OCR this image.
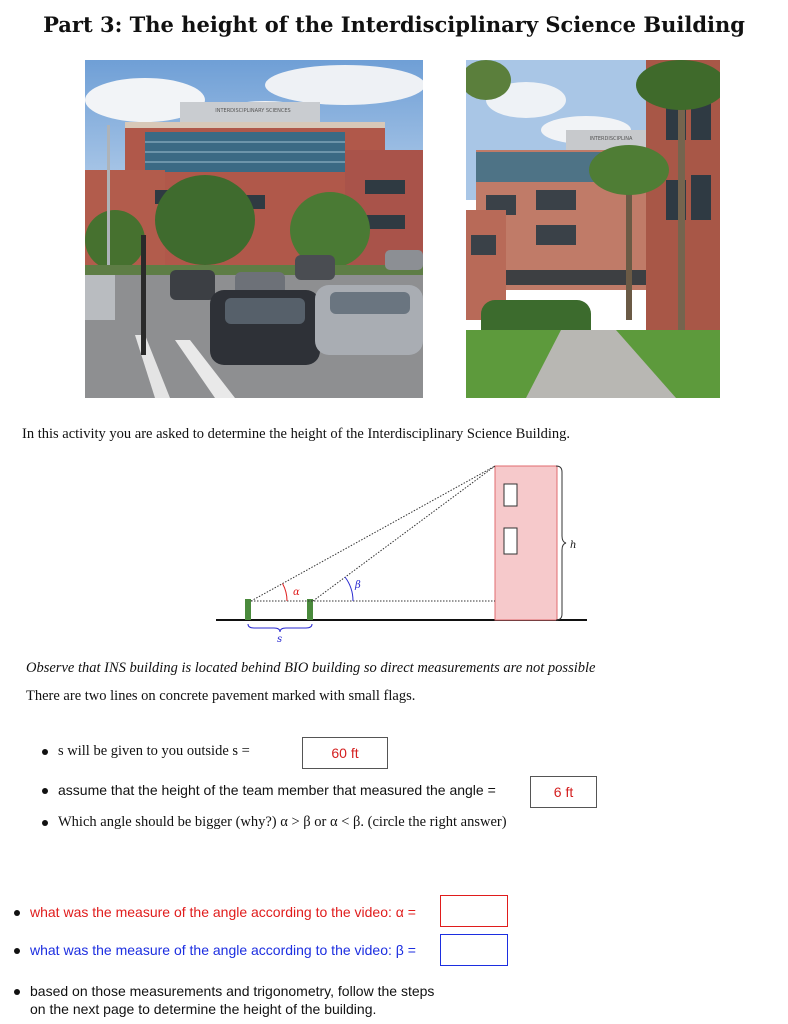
Part 3: The height of the Interdisciplinary Science Building
INTERDISCIPLINARY SCIENCES
INTERDISCIPLINA
In this activity you are asked to determine the height of the Interdisciplinary Science Building.
h
α
β
s
Observe that INS building is located behind BIO building so direct measurements are not possible
There are two lines on concrete pavement marked with small flags.
s will be given to you outside s =	60 ft
assume that the height of the team member that measured the angle =	6 ft
Which angle should be bigger (why?) α > β or α < β. (circle the right answer)
what was the measure of the angle according to the video: α =
what was the measure of the angle according to the video: β =
based on those measurements and trigonometry, follow the steps
on the next page to determine the height of the building.
